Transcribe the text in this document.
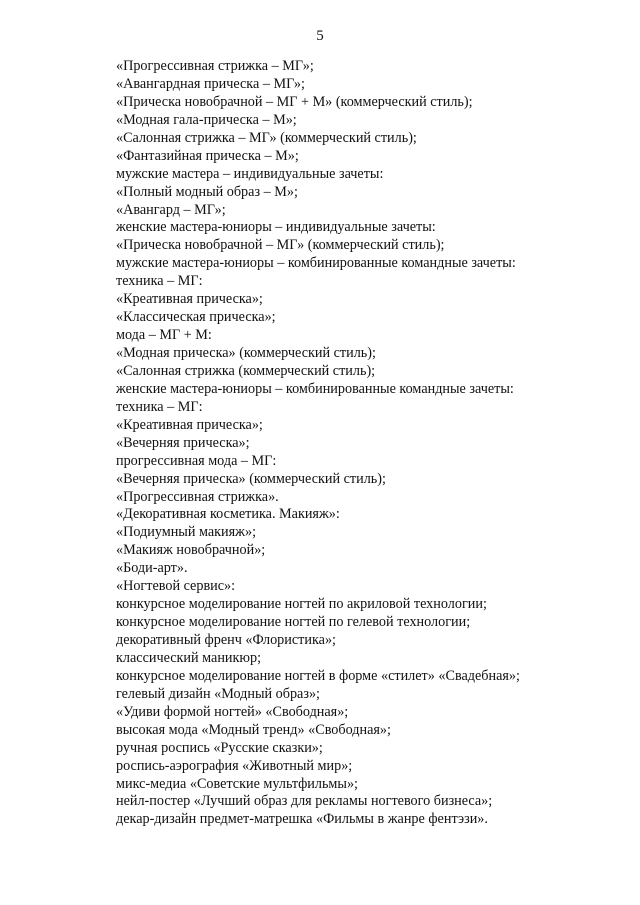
5
«Прогрессивная стрижка – МГ»;
«Авангардная прическа – МГ»;
«Прическа новобрачной – МГ + М» (коммерческий стиль);
«Модная гала-прическа – М»;
«Салонная стрижка – МГ» (коммерческий стиль);
«Фантазийная прическа – М»;
мужские мастера – индивидуальные зачеты:
«Полный модный образ – М»;
«Авангард – МГ»;
женские мастера-юниоры – индивидуальные зачеты:
«Прическа новобрачной – МГ» (коммерческий стиль);
мужские мастера-юниоры – комбинированные командные зачеты:
техника – МГ:
«Креативная прическа»;
«Классическая прическа»;
мода – МГ + М:
«Модная прическа» (коммерческий стиль);
«Салонная стрижка (коммерческий стиль);
женские мастера-юниоры – комбинированные командные зачеты:
техника – МГ:
«Креативная прическа»;
«Вечерняя прическа»;
прогрессивная мода – МГ:
«Вечерняя прическа» (коммерческий стиль);
«Прогрессивная стрижка».
«Декоративная косметика. Макияж»:
«Подиумный макияж»;
«Макияж новобрачной»;
«Боди-арт».
«Ногтевой сервис»:
конкурсное моделирование ногтей по акриловой технологии;
конкурсное моделирование ногтей по гелевой технологии;
декоративный френч «Флористика»;
классический маникюр;
конкурсное моделирование ногтей в форме «стилет» «Свадебная»;
гелевый дизайн «Модный образ»;
«Удиви формой ногтей» «Свободная»;
высокая мода «Модный тренд» «Свободная»;
ручная роспись «Русские сказки»;
роспись-аэрография «Животный мир»;
микс-медиа «Советские мультфильмы»;
нейл-постер «Лучший образ для рекламы ногтевого бизнеса»;
декар-дизайн предмет-матрешка «Фильмы в жанре фентэзи».
